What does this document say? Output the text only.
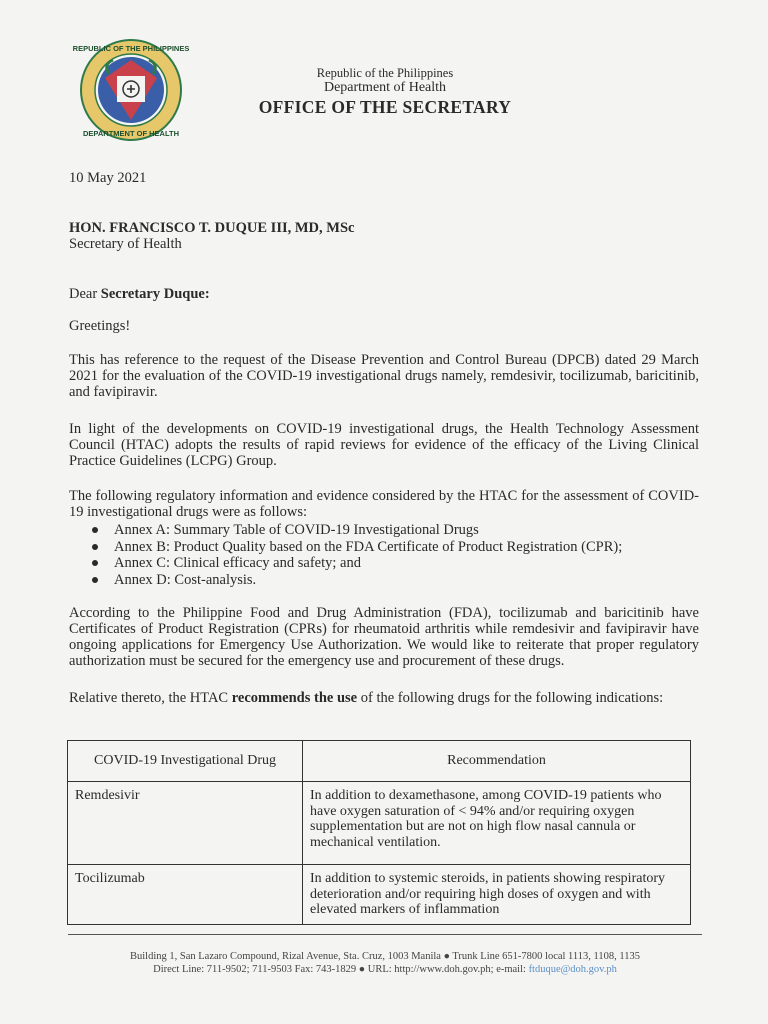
REPUBLIC OF THE PHILIPPINES
DEPARTMENT OF HEALTH
Republic of the Philippines
Department of Health
OFFICE OF THE SECRETARY
10 May 2021
HON. FRANCISCO T. DUQUE III, MD, MSc
Secretary of Health
Dear Secretary Duque:
Greetings!
This has reference to the request of the Disease Prevention and Control Bureau (DPCB) dated 29 March 2021 for the evaluation of the COVID-19 investigational drugs namely, remdesivir, tocilizumab, baricitinib, and favipiravir.
In light of the developments on COVID-19 investigational drugs, the Health Technology Assessment Council (HTAC) adopts the results of rapid reviews for evidence of the efficacy of the Living Clinical Practice Guidelines (LCPG) Group.
The following regulatory information and evidence considered by the HTAC for the assessment of COVID-19 investigational drugs were as follows:
Annex A: Summary Table of COVID-19 Investigational Drugs
Annex B: Product Quality based on the FDA Certificate of Product Registration (CPR);
Annex C: Clinical efficacy and safety; and
Annex D: Cost-analysis.
According to the Philippine Food and Drug Administration (FDA), tocilizumab and baricitinib have Certificates of Product Registration (CPRs) for rheumatoid arthritis while remdesivir and favipiravir have ongoing applications for Emergency Use Authorization. We would like to reiterate that proper regulatory authorization must be secured for the emergency use and procurement of these drugs.
Relative thereto, the HTAC recommends the use of the following drugs for the following indications:
COVID-19 Investigational Drug	Recommendation
Remdesivir	In addition to dexamethasone, among COVID-19 patients who have oxygen saturation of < 94% and/or requiring oxygen supplementation but are not on high flow nasal cannula or mechanical ventilation.
Tocilizumab	In addition to systemic steroids, in patients showing respiratory deterioration and/or requiring high doses of oxygen and with elevated markers of inflammation
Building 1, San Lazaro Compound, Rizal Avenue, Sta. Cruz, 1003 Manila ● Trunk Line 651-7800 local 1113, 1108, 1135
Direct Line: 711-9502; 711-9503 Fax: 743-1829 ● URL: http://www.doh.gov.ph; e-mail: ftduque@doh.gov.ph
